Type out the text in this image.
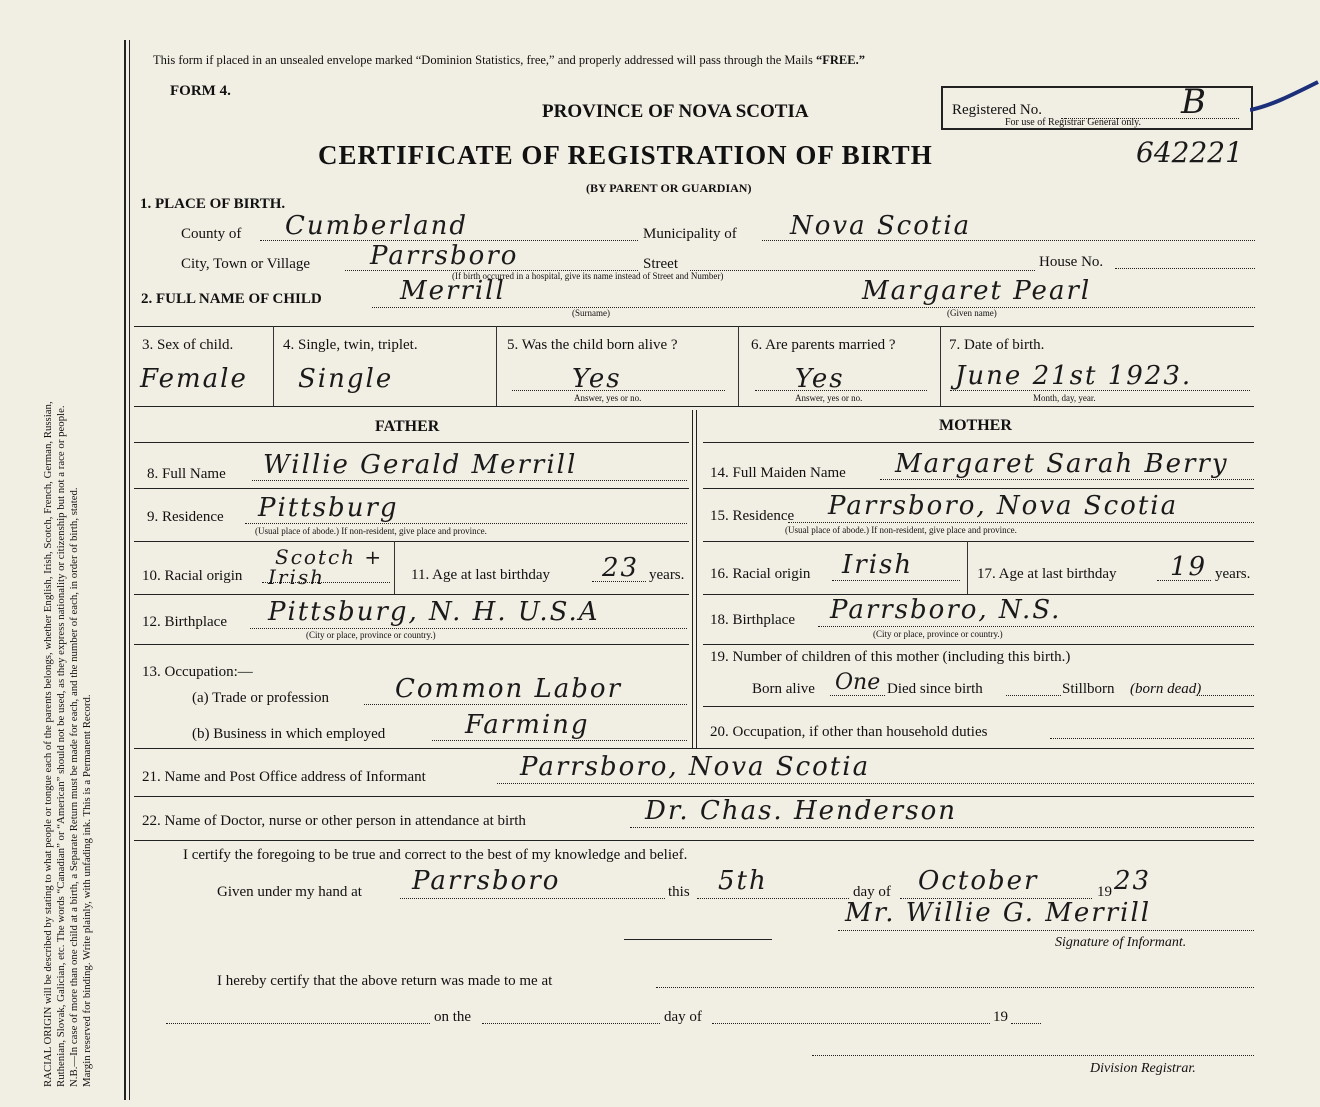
RACIAL ORIGIN will be described by stating to what people or tongue each of the parents belongs, whether English, Irish, Scotch, French, German, Russian, Ruthenian, Slovak, Galician, etc. The words “Canadian” or “American” should not be used, as they express nationality or citizenship but not a race or people. N.B.—In case of more than one child at a birth, a Separate Return must be made for each, and the number of each, in order of birth, stated. Margin reserved for binding. Write plainly, with unfading ink. This is a Permanent Record.
This form if placed in an unsealed envelope marked “Dominion Statistics, free,” and properly addressed will pass through the Mails “FREE.”
FORM 4.
PROVINCE OF NOVA SCOTIA
CERTIFICATE OF REGISTRATION OF BIRTH
(BY PARENT OR GUARDIAN)
Registered No.
For use of Registrar General only.
B
642221
1. PLACE OF BIRTH.
County of Cumberland	Municipality of Nova Scotia
City, Town or Village Parrsboro	Street	House No.
(If birth occurred in a hospital, give its name instead of Street and Number)
2. FULL NAME OF CHILD	Merrill
(Surname)
Margaret Pearl
(Given name)
3. Sex of child.
Female
4. Single, twin, triplet.
Single
5. Was the child born alive ?
Yes
Answer, yes or no.
6. Are parents married ?
Yes
Answer, yes or no.
7. Date of birth.
June 21st 1923.
Month, day, year.
FATHER	MOTHER
8. Full Name Willie Gerald Merrill	14. Full Maiden Name Margaret Sarah Berry
9. Residence Pittsburg
(Usual place of abode.) If non-resident, give place and province.
15. Residence Parrsboro, Nova Scotia
(Usual place of abode.) If non-resident, give place and province.
10. Racial origin
Scotch +
Irish	11. Age at last birthday 23 years. 16. Racial origin Irish	17. Age at last birthday 19 years.
12. Birthplace Pittsburg, N. H. U.S.A
(City or place, province or country.)
18. Birthplace Parrsboro, N.S.
(City or place, province or country.)
13. Occupation:—
(a) Trade or profession	Common Labor
(b) Business in which employed	Farming
19. Number of children of this mother (including this birth.)
Born alive One Died since birth	Stillborn (born dead)
20. Occupation, if other than household duties
21. Name and Post Office address of Informant	Parrsboro, Nova Scotia
22. Name of Doctor, nurse or other person in attendance at birth	Dr. Chas. Henderson
I certify the foregoing to be true and correct to the best of my knowledge and belief.
Given under my hand at Parrsboro	this 5th	day of October	19 23
Mr. Willie G. Merrill
Signature of Informant.
I hereby certify that the above return was made to me at
on the	day of	19
Division Registrar.
